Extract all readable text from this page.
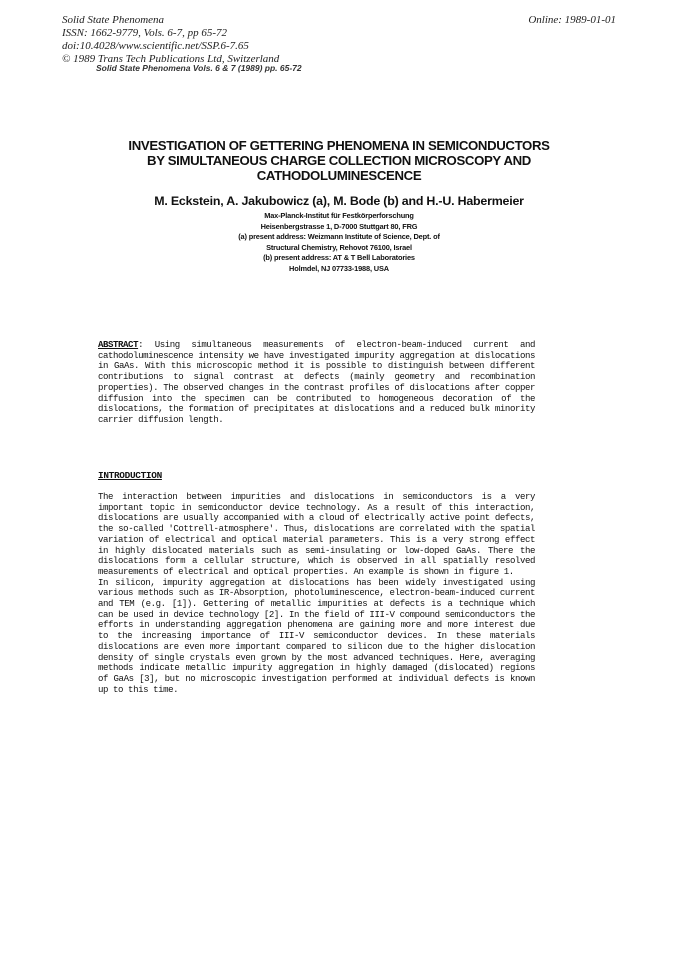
Solid State Phenomena
ISSN: 1662-9779, Vols. 6-7, pp 65-72
doi:10.4028/www.scientific.net/SSP.6-7.65
© 1989 Trans Tech Publications Ltd, Switzerland
Online: 1989-01-01
Solid State Phenomena Vols. 6 & 7 (1989) pp. 65-72
INVESTIGATION OF GETTERING PHENOMENA IN SEMICONDUCTORS
BY SIMULTANEOUS CHARGE COLLECTION MICROSCOPY AND
CATHODOLUMINESCENCE
M. Eckstein, A. Jakubowicz (a), M. Bode (b) and H.-U. Habermeier
Max-Planck-Institut für Festkörperforschung
Heisenbergstrasse 1, D-7000 Stuttgart 80, FRG
(a) present address: Weizmann Institute of Science, Dept. of
Structural Chemistry, Rehovot 76100, Israel
(b) present address: AT & T Bell Laboratories
Holmdel, NJ 07733-1988, USA
ABSTRACT: Using simultaneous measurements of electron-beam-induced current and cathodoluminescence intensity we have investigated impurity aggregation at dislocations in GaAs. With this microscopic method it is possible to distinguish between different contributions to signal contrast at defects (mainly geometry and recombination properties). The observed changes in the contrast profiles of dislocations after copper diffusion into the specimen can be contributed to homogeneous decoration of the dislocations, the formation of precipitates at dislocations and a reduced bulk minority carrier diffusion length.
INTRODUCTION

The interaction between impurities and dislocations in semiconductors is a very important topic in semiconductor device technology. As a result of this interaction, dislocations are usually accompanied with a cloud of electrically active point defects, the so-called 'Cottrell-atmosphere'. Thus, dislocations are correlated with the spatial variation of electrical and optical material parameters. This is a very strong effect in highly dislocated materials such as semi-insulating or low-doped GaAs. There the dislocations form a cellular structure, which is observed in all spatially resolved measurements of electrical and optical properties. An example is shown in figure 1.

In silicon, impurity aggregation at dislocations has been widely investigated using various methods such as IR-Absorption, photoluminescence, electron-beam-induced current and TEM (e.g. [1]). Gettering of metallic impurities at defects is a technique which can be used in device technology [2]. In the field of III-V compound semiconductors the efforts in understanding aggregation phenomena are gaining more and more interest due to the increasing importance of III-V semiconductor devices. In these materials dislocations are even more important compared to silicon due to the higher dislocation density of single crystals even grown by the most advanced techniques. Here, averaging methods indicate metallic impurity aggregation in highly damaged (dislocated) regions of GaAs [3], but no microscopic investigation performed at individual defects is known up to this time.
